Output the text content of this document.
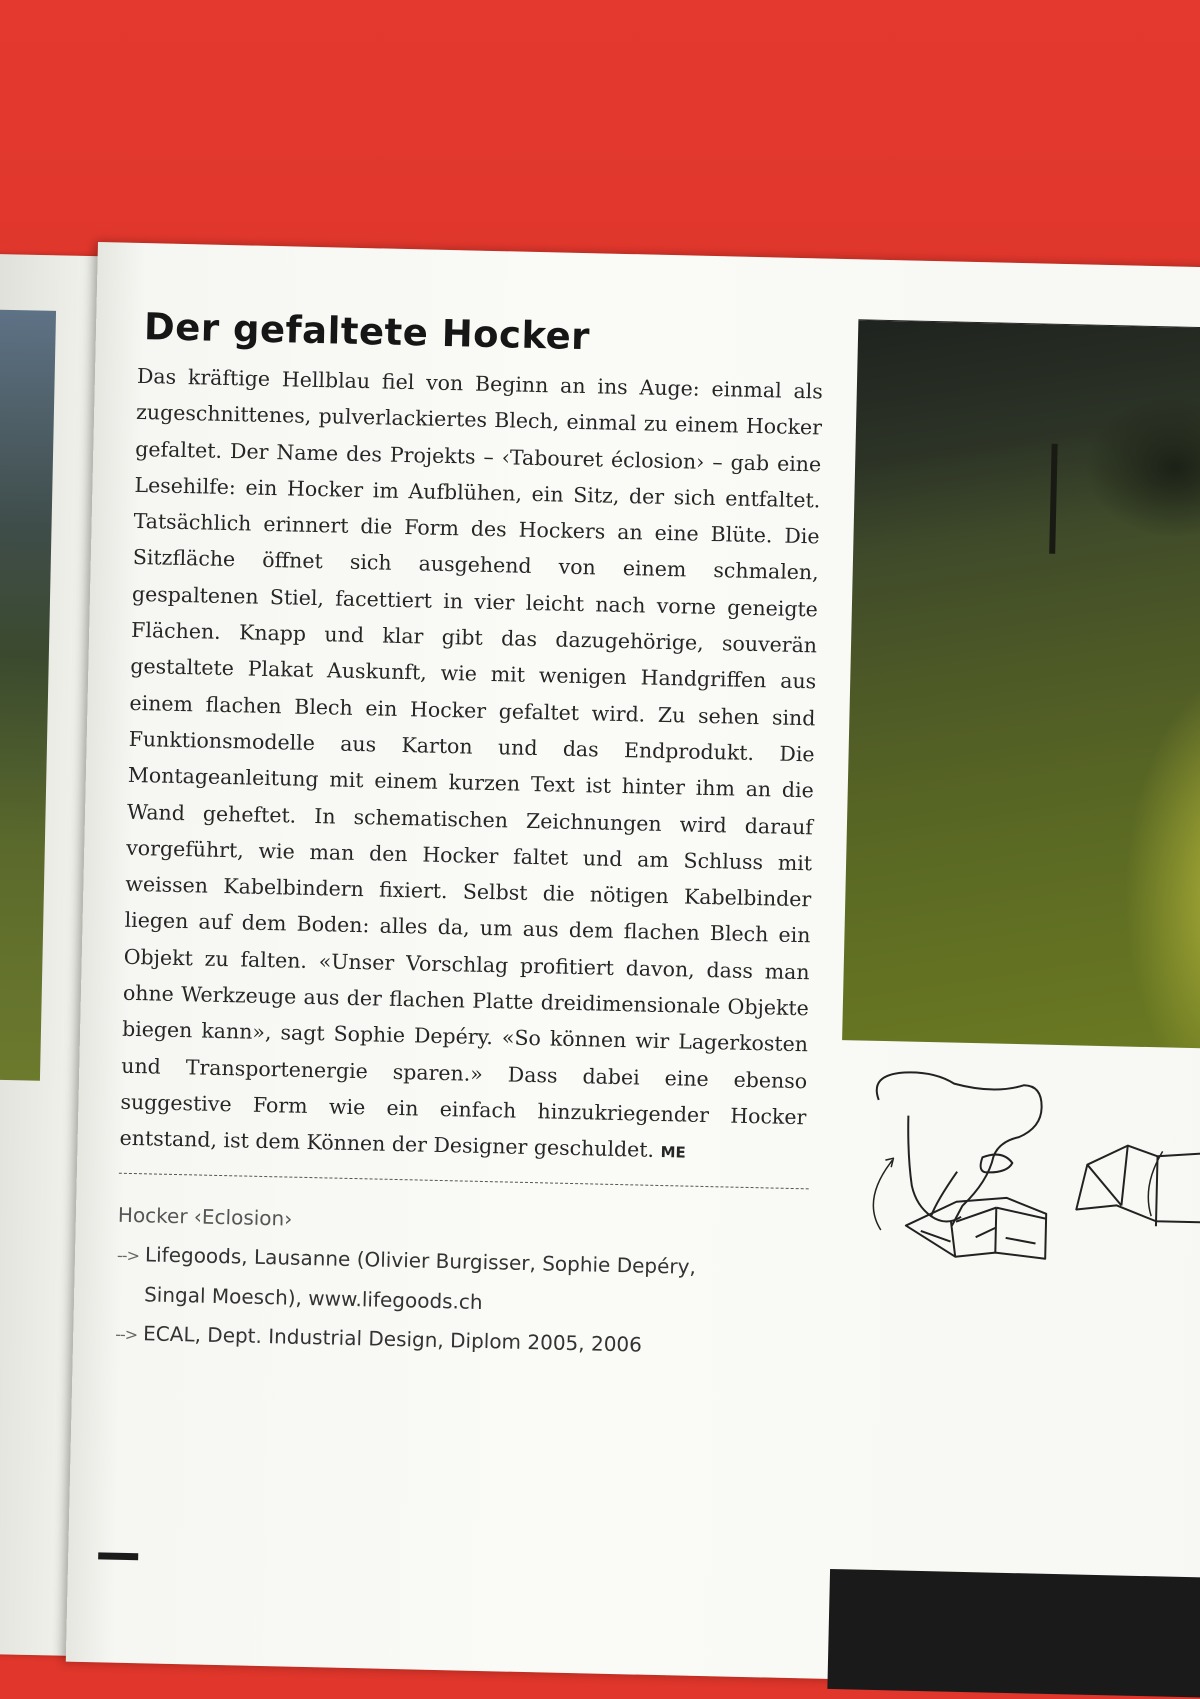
Der gefaltete Hocker

Das kräftige Hellblau fiel von Beginn an ins Auge: einmal als zugeschnittenes, pulverlackiertes Blech, einmal zu einem Hocker gefaltet. Der Name des Projekts – ‹Tabouret éclosion› – gab eine Lesehilfe: ein Hocker im Aufblühen, ein Sitz, der sich entfaltet. Tatsächlich erinnert die Form des Hockers an eine Blüte. Die Sitzfläche öffnet sich ausgehend von einem schmalen, gespaltenen Stiel, facettiert in vier leicht nach vorne geneigte Flächen. Knapp und klar gibt das dazugehörige, souverän gestaltete Plakat Auskunft, wie mit wenigen Handgriffen aus einem flachen Blech ein Hocker gefaltet wird. Zu sehen sind Funktionsmodelle aus Karton und das Endprodukt. Die Montageanleitung mit einem kurzen Text ist hinter ihm an die Wand geheftet. In schematischen Zeichnungen wird darauf vorgeführt, wie man den Hocker faltet und am Schluss mit weissen Kabelbindern fixiert. Selbst die nötigen Kabelbinder liegen auf dem Boden: alles da, um aus dem flachen Blech ein Objekt zu falten. «Unser Vorschlag profitiert davon, dass man ohne Werkzeuge aus der flachen Platte dreidimensionale Objekte biegen kann», sagt Sophie Depéry. «So können wir Lagerkosten und Transportenergie sparen.» Dass dabei eine ebenso suggestive Form wie ein einfach hinzukriegender Hocker entstand, ist dem Können der Designer geschuldet. ME

Hocker ‹Eclosion›
--> Lifegoods, Lausanne (Olivier Burgisser, Sophie Depéry,
Singal Moesch), www.lifegoods.ch
--> ECAL, Dept. Industrial Design, Diplom 2005, 2006
